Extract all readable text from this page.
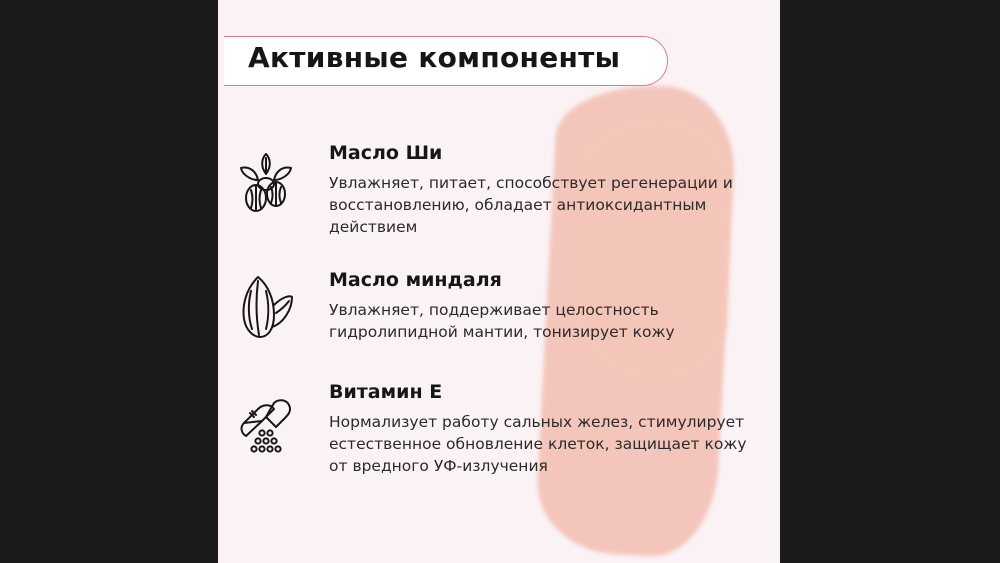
Активные компоненты
Масло Ши

Увлажняет, питает, способствует регенерации и восстановлению, обладает антиоксидантным действием

Масло миндаля

Увлажняет, поддерживает целостность гидролипидной мантии, тонизирует кожу

Витамин Е

Нормализует работу сальных желез, стимулирует естественное обновление клеток, защищает кожу от вредного УФ-излучения
